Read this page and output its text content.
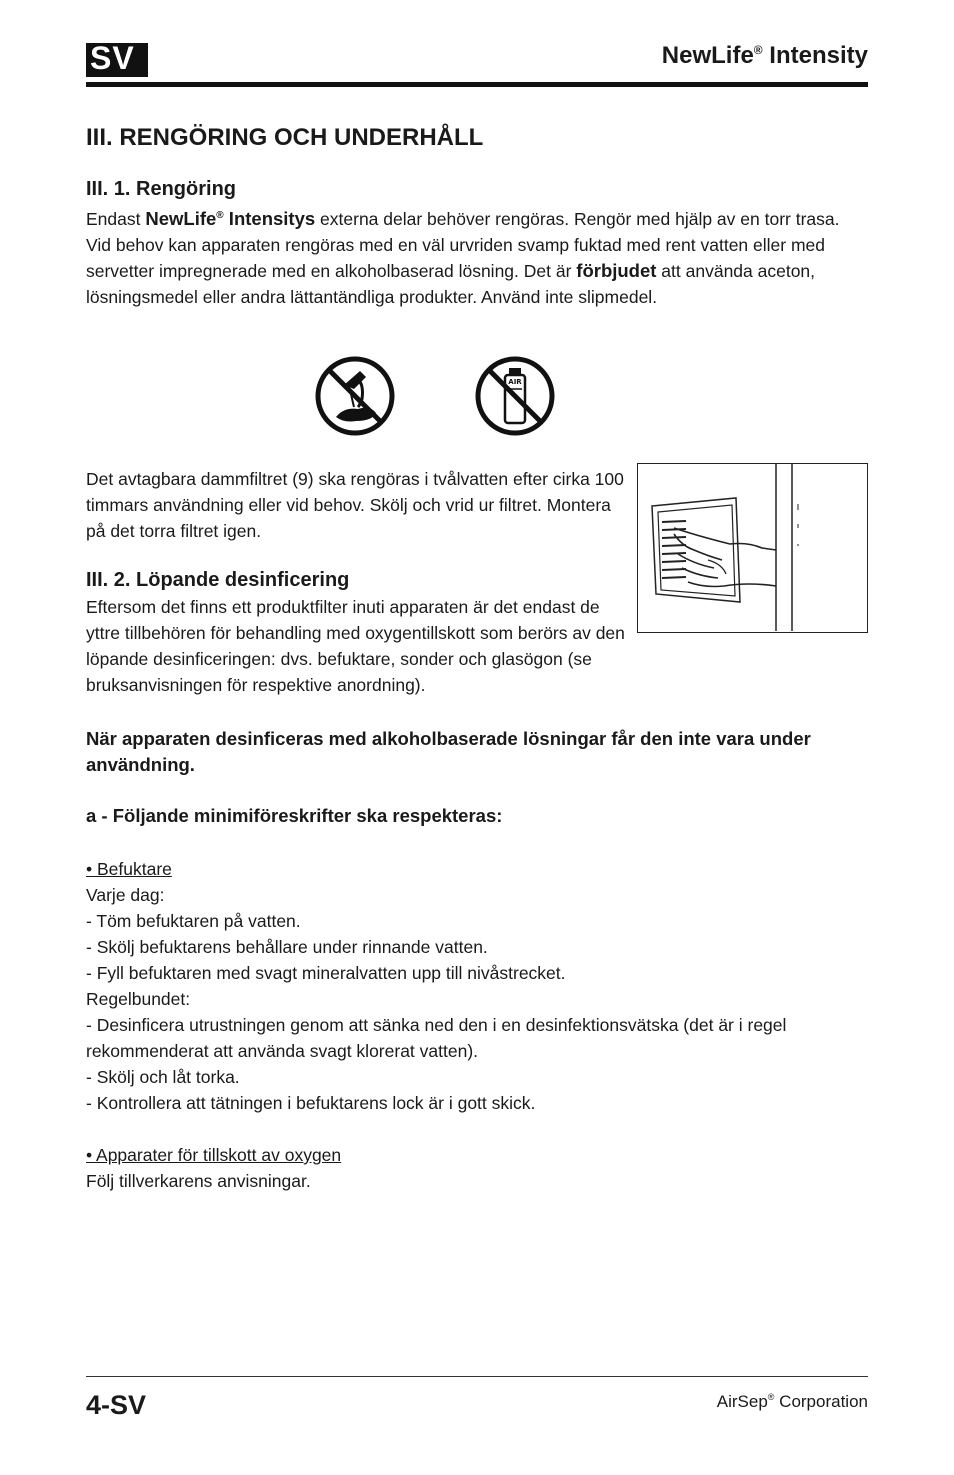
SV	NewLife® Intensity
III. RENGÖRING OCH UNDERHÅLL

III. 1. Rengöring

Endast NewLife® Intensitys externa delar behöver rengöras. Rengör med hjälp av en torr trasa. Vid behov kan apparaten rengöras med en väl urvriden svamp fuktad med rent vatten eller med servetter impregnerade med en alkoholbaserad lösning. Det är förbjudet att använda aceton, lösningsmedel eller andra lättantändliga produkter. Använd inte slipmedel.
AIR
Det avtagbara dammfiltret (9) ska rengöras i tvålvatten efter cirka 100 timmars användning eller vid behov. Skölj och vrid ur filtret. Montera på det torra filtret igen.

III. 2. Löpande desinficering

Eftersom det finns ett produktfilter inuti apparaten är det endast de yttre tillbehören för behandling med oxygentillskott som berörs av den löpande desinficeringen: dvs. befuktare, sonder och glasögon (se bruksanvisningen för respektive anordning).
När apparaten desinficeras med alkoholbaserade lösningar får den inte vara under användning.
a - Följande minimiföreskrifter ska respekteras:
• Befuktare
Varje dag:
- Töm befuktaren på vatten.
- Skölj befuktarens behållare under rinnande vatten.
- Fyll befuktaren med svagt mineralvatten upp till nivåstrecket.
Regelbundet:
- Desinficera utrustningen genom att sänka ned den i en desinfektionsvätska (det är i regel rekommenderat att använda svagt klorerat vatten).
- Skölj och låt torka.
- Kontrollera att tätningen i befuktarens lock är i gott skick.
• Apparater för tillskott av oxygen
Följ tillverkarens anvisningar.
4-SV	AirSep® Corporation
